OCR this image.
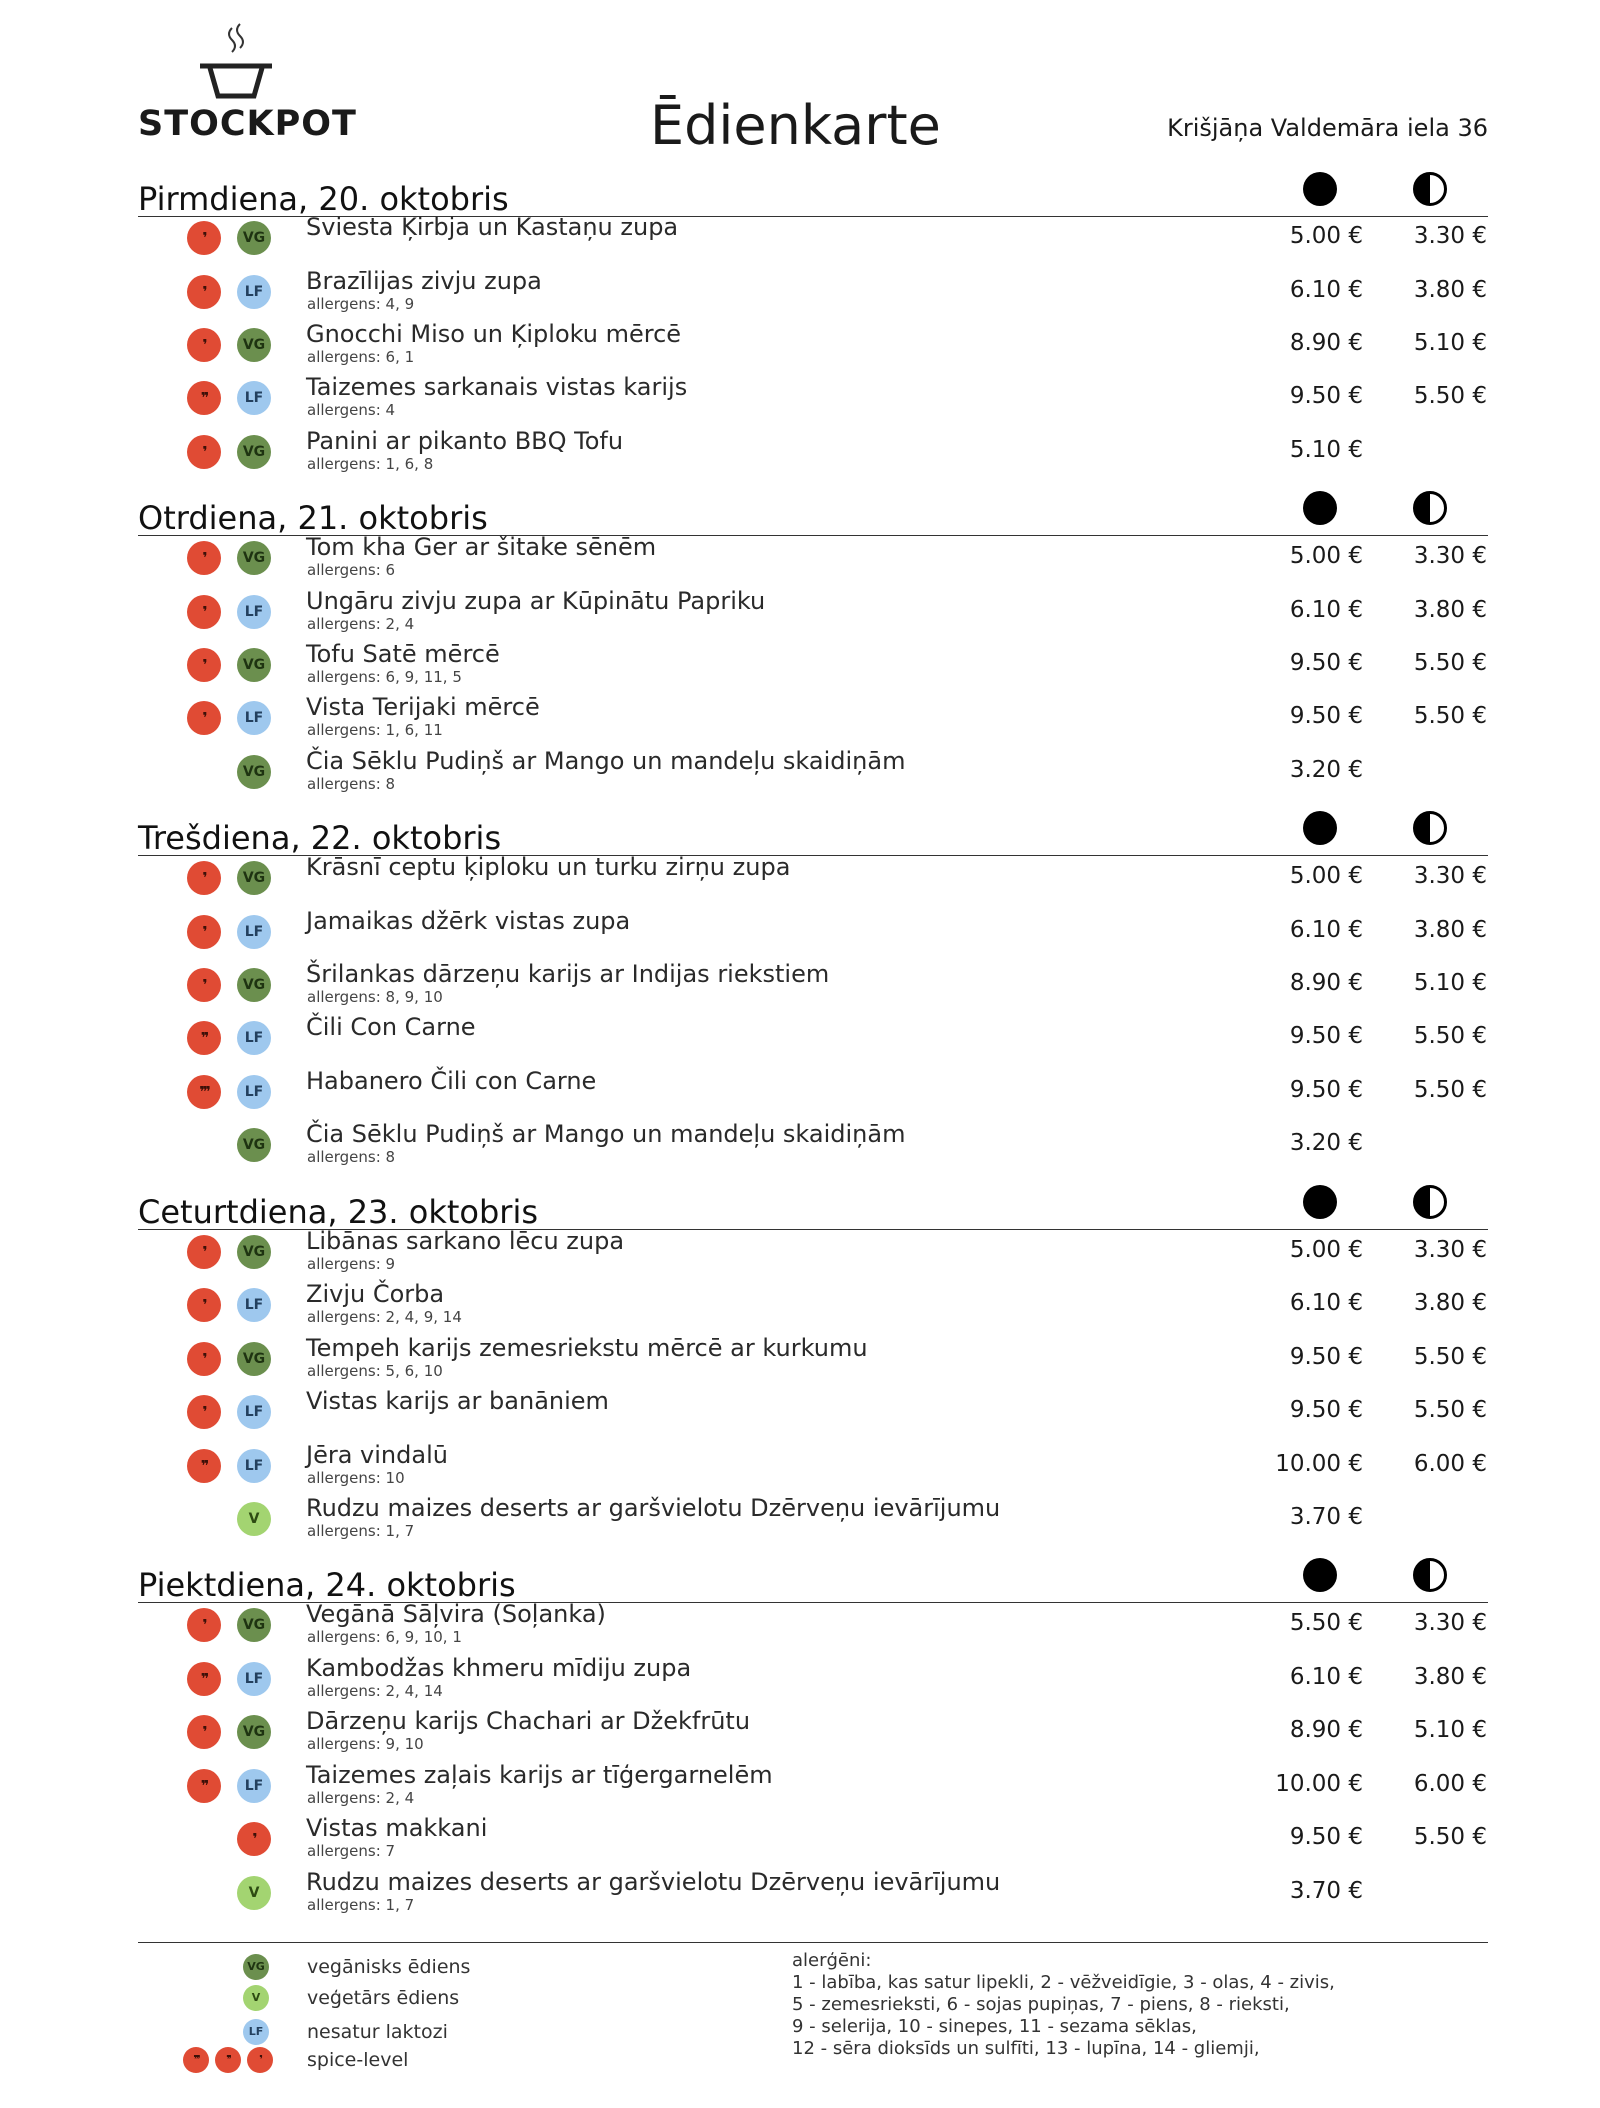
STOCKPOT	Ēdienkarte	Krišjāņa Valdemāra iela 36
Pirmdiena, 20. oktobris
❜	VG Sviesta Ķirbja un Kastaņu zupa	5.00 € 3.30 €
❜	LF	Brazīlijas zivju zupa
allergens: 4, 9
6.10 € 3.80 €
❜	VG Gnocchi Miso un Ķiploku mērcē
allergens: 6, 1
8.90 € 5.10 €
❜❜	LF	Taizemes sarkanais vistas karijs
allergens: 4
9.50 € 5.50 €
❜	VG Panini ar pikanto BBQ Tofu
allergens: 1, 6, 8
5.10 €
Otrdiena, 21. oktobris
❜	VG Tom kha Ger ar šitake sēnēm
allergens: 6
5.00 € 3.30 €
❜	LF	Ungāru zivju zupa ar Kūpinātu Papriku
allergens: 2, 4
6.10 € 3.80 €
❜	VG Tofu Satē mērcē
allergens: 6, 9, 11, 5
9.50 € 5.50 €
❜	LF	Vista Terijaki mērcē
allergens: 1, 6, 11
9.50 € 5.50 €
VG Čia Sēklu Pudiņš ar Mango un mandeļu skaidiņām
allergens: 8
3.20 €
Trešdiena, 22. oktobris
❜	VG Krāsnī ceptu ķiploku un turku zirņu zupa	5.00 € 3.30 €
❜	LF	Jamaikas džērk vistas zupa	6.10 € 3.80 €
❜	VG Šrilankas dārzeņu karijs ar Indijas riekstiem
allergens: 8, 9, 10
8.90 € 5.10 €
❜❜	LF	Čili Con Carne	9.50 € 5.50 €
❜❜❜	LF	Habanero Čili con Carne	9.50 € 5.50 €
VG Čia Sēklu Pudiņš ar Mango un mandeļu skaidiņām
allergens: 8
3.20 €
Ceturtdiena, 23. oktobris
❜	VG Libānas sarkano lēcu zupa
allergens: 9
5.00 € 3.30 €
❜	LF	Zivju Čorba
allergens: 2, 4, 9, 14
6.10 € 3.80 €
❜	VG Tempeh karijs zemesriekstu mērcē ar kurkumu
allergens: 5, 6, 10
9.50 € 5.50 €
❜	LF	Vistas karijs ar banāniem	9.50 € 5.50 €
❜❜	LF	Jēra vindalū
allergens: 10
10.00 € 6.00 €
V	Rudzu maizes deserts ar garšvielotu Dzērveņu ievārījumu
allergens: 1, 7
3.70 €
Piektdiena, 24. oktobris
❜	VG Vegānā Sāļvira (Soļanka)
allergens: 6, 9, 10, 1
5.50 € 3.30 €
❜❜	LF	Kambodžas khmeru mīdiju zupa
allergens: 2, 4, 14
6.10 € 3.80 €
❜	VG Dārzeņu karijs Chachari ar Džekfrūtu
allergens: 9, 10
8.90 € 5.10 €
❜❜	LF	Taizemes zaļais karijs ar tīģergarnelēm
allergens: 2, 4
10.00 € 6.00 €
❜	Vistas makkani
allergens: 7
9.50 € 5.50 €
V	Rudzu maizes deserts ar garšvielotu Dzērveņu ievārījumu
allergens: 1, 7
3.70 €
VG vegānisks ēdiens
V	veģetārs ēdiens
LF	nesatur laktozi
❜❜❜	❜❜	❜	spice-level
alerģēni:
1 - labība, kas satur lipekli, 2 - vēžveidīgie, 3 - olas, 4 - zivis,
5 - zemesrieksti, 6 - sojas pupiņas, 7 - piens, 8 - rieksti,
9 - selerija, 10 - sinepes, 11 - sezama sēklas,
12 - sēra dioksīds un sulfīti, 13 - lupīna, 14 - gliemji,
